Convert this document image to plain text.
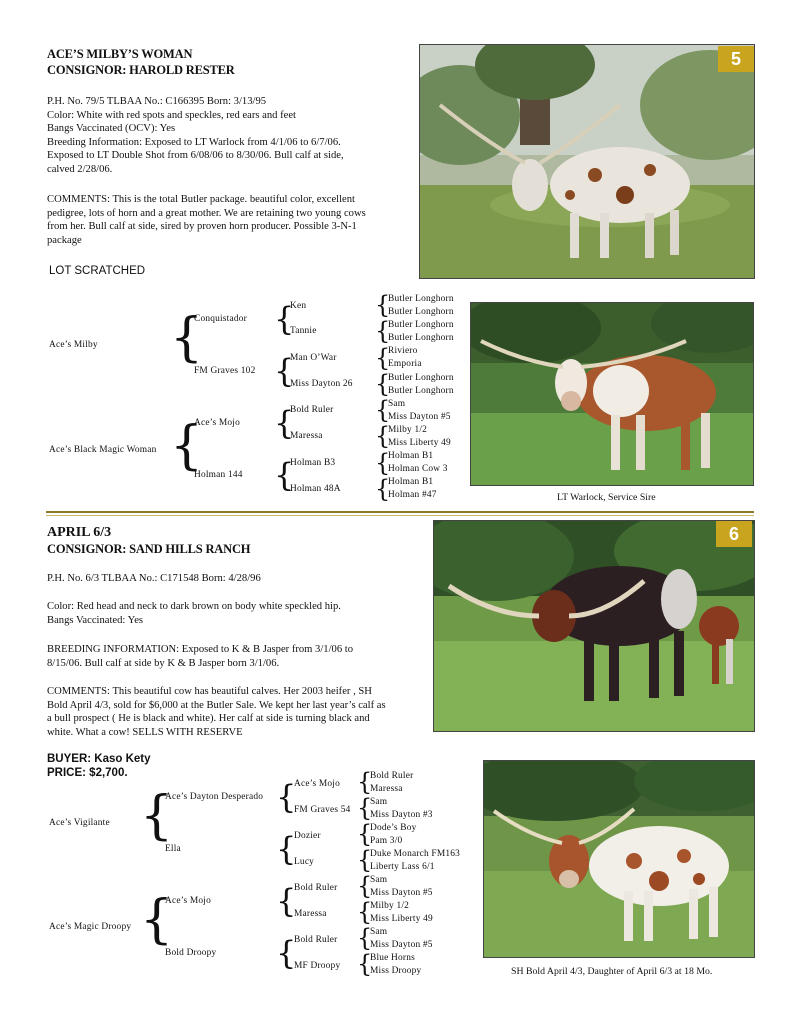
ACE’S MILBY’S WOMAN
CONSIGNOR: HAROLD RESTER
P.H. No. 79/5 TLBAA No.: C166395 Born: 3/13/95
Color: White with red spots and speckles, red ears and feet
Bangs Vaccinated (OCV): Yes
Breeding Information: Exposed to LT Warlock from 4/1/06 to 6/7/06.
Exposed to LT Double Shot from 6/08/06 to 8/30/06. Bull calf at side,
calved 2/28/06.
COMMENTS: This is the total Butler package. beautiful color, excellent
pedigree, lots of horn and a great mother. We are retaining two young cows
from her. Bull calf at side, sired by proven horn producer. Possible 3-N-1
package
LOT SCRATCHED
5
Ace’s Milby
Ace’s Black Magic Woman
{
{
Conquistador
FM Graves 102
Ace’s Mojo
Holman 144
{
{
{
{
Ken
Tannie
Man O’War
Miss Dayton 26
Bold Ruler
Maressa
Holman B3
Holman 48A
{
{
{
{
{
{
{
{
Butler Longhorn
Butler Longhorn
Butler Longhorn
Butler Longhorn
Riviero
Emporia
Butler Longhorn
Butler Longhorn
Sam
Miss Dayton #5
Milby 1/2
Miss Liberty 49
Holman B1
Holman Cow 3
Holman B1
Holman #47	LT Warlock, Service Sire
APRIL 6/3
CONSIGNOR: SAND HILLS RANCH
P.H. No. 6/3 TLBAA No.: C171548 Born: 4/28/96
Color: Red head and neck to dark brown on body white speckled hip.
Bangs Vaccinated: Yes
BREEDING INFORMATION: Exposed to K & B Jasper from 3/1/06 to
8/15/06. Bull calf at side by K & B Jasper born 3/1/06.
COMMENTS: This beautiful cow has beautiful calves. Her 2003 heifer , SH
Bold April 4/3, sold for $6,000 at the Butler Sale. We kept her last year’s calf as
a bull prospect ( He is black and white). Her calf at side is turning black and
white. What a cow! SELLS WITH RESERVE
BUYER: Kaso Kety
PRICE: $2,700.
6
Ace’s Vigilante
Ace’s Magic Droopy
{
{
Ace’s Dayton Desperado
Ella
Ace’s Mojo
Bold Droopy
{
{
{
{
Ace’s Mojo
FM Graves 54
Dozier
Lucy
Bold Ruler
Maressa
Bold Ruler
MF Droopy
{
{
{
{
{
{
{
{
Bold Ruler
Maressa
Sam
Miss Dayton #3
Dode’s Boy
Pam 3/0
Duke Monarch FM163
Liberty Lass 6/1
Sam
Miss Dayton #5
Milby 1/2
Miss Liberty 49
Sam
Miss Dayton #5
Blue Horns
Miss Droopy	SH Bold April 4/3, Daughter of April 6/3 at 18 Mo.
